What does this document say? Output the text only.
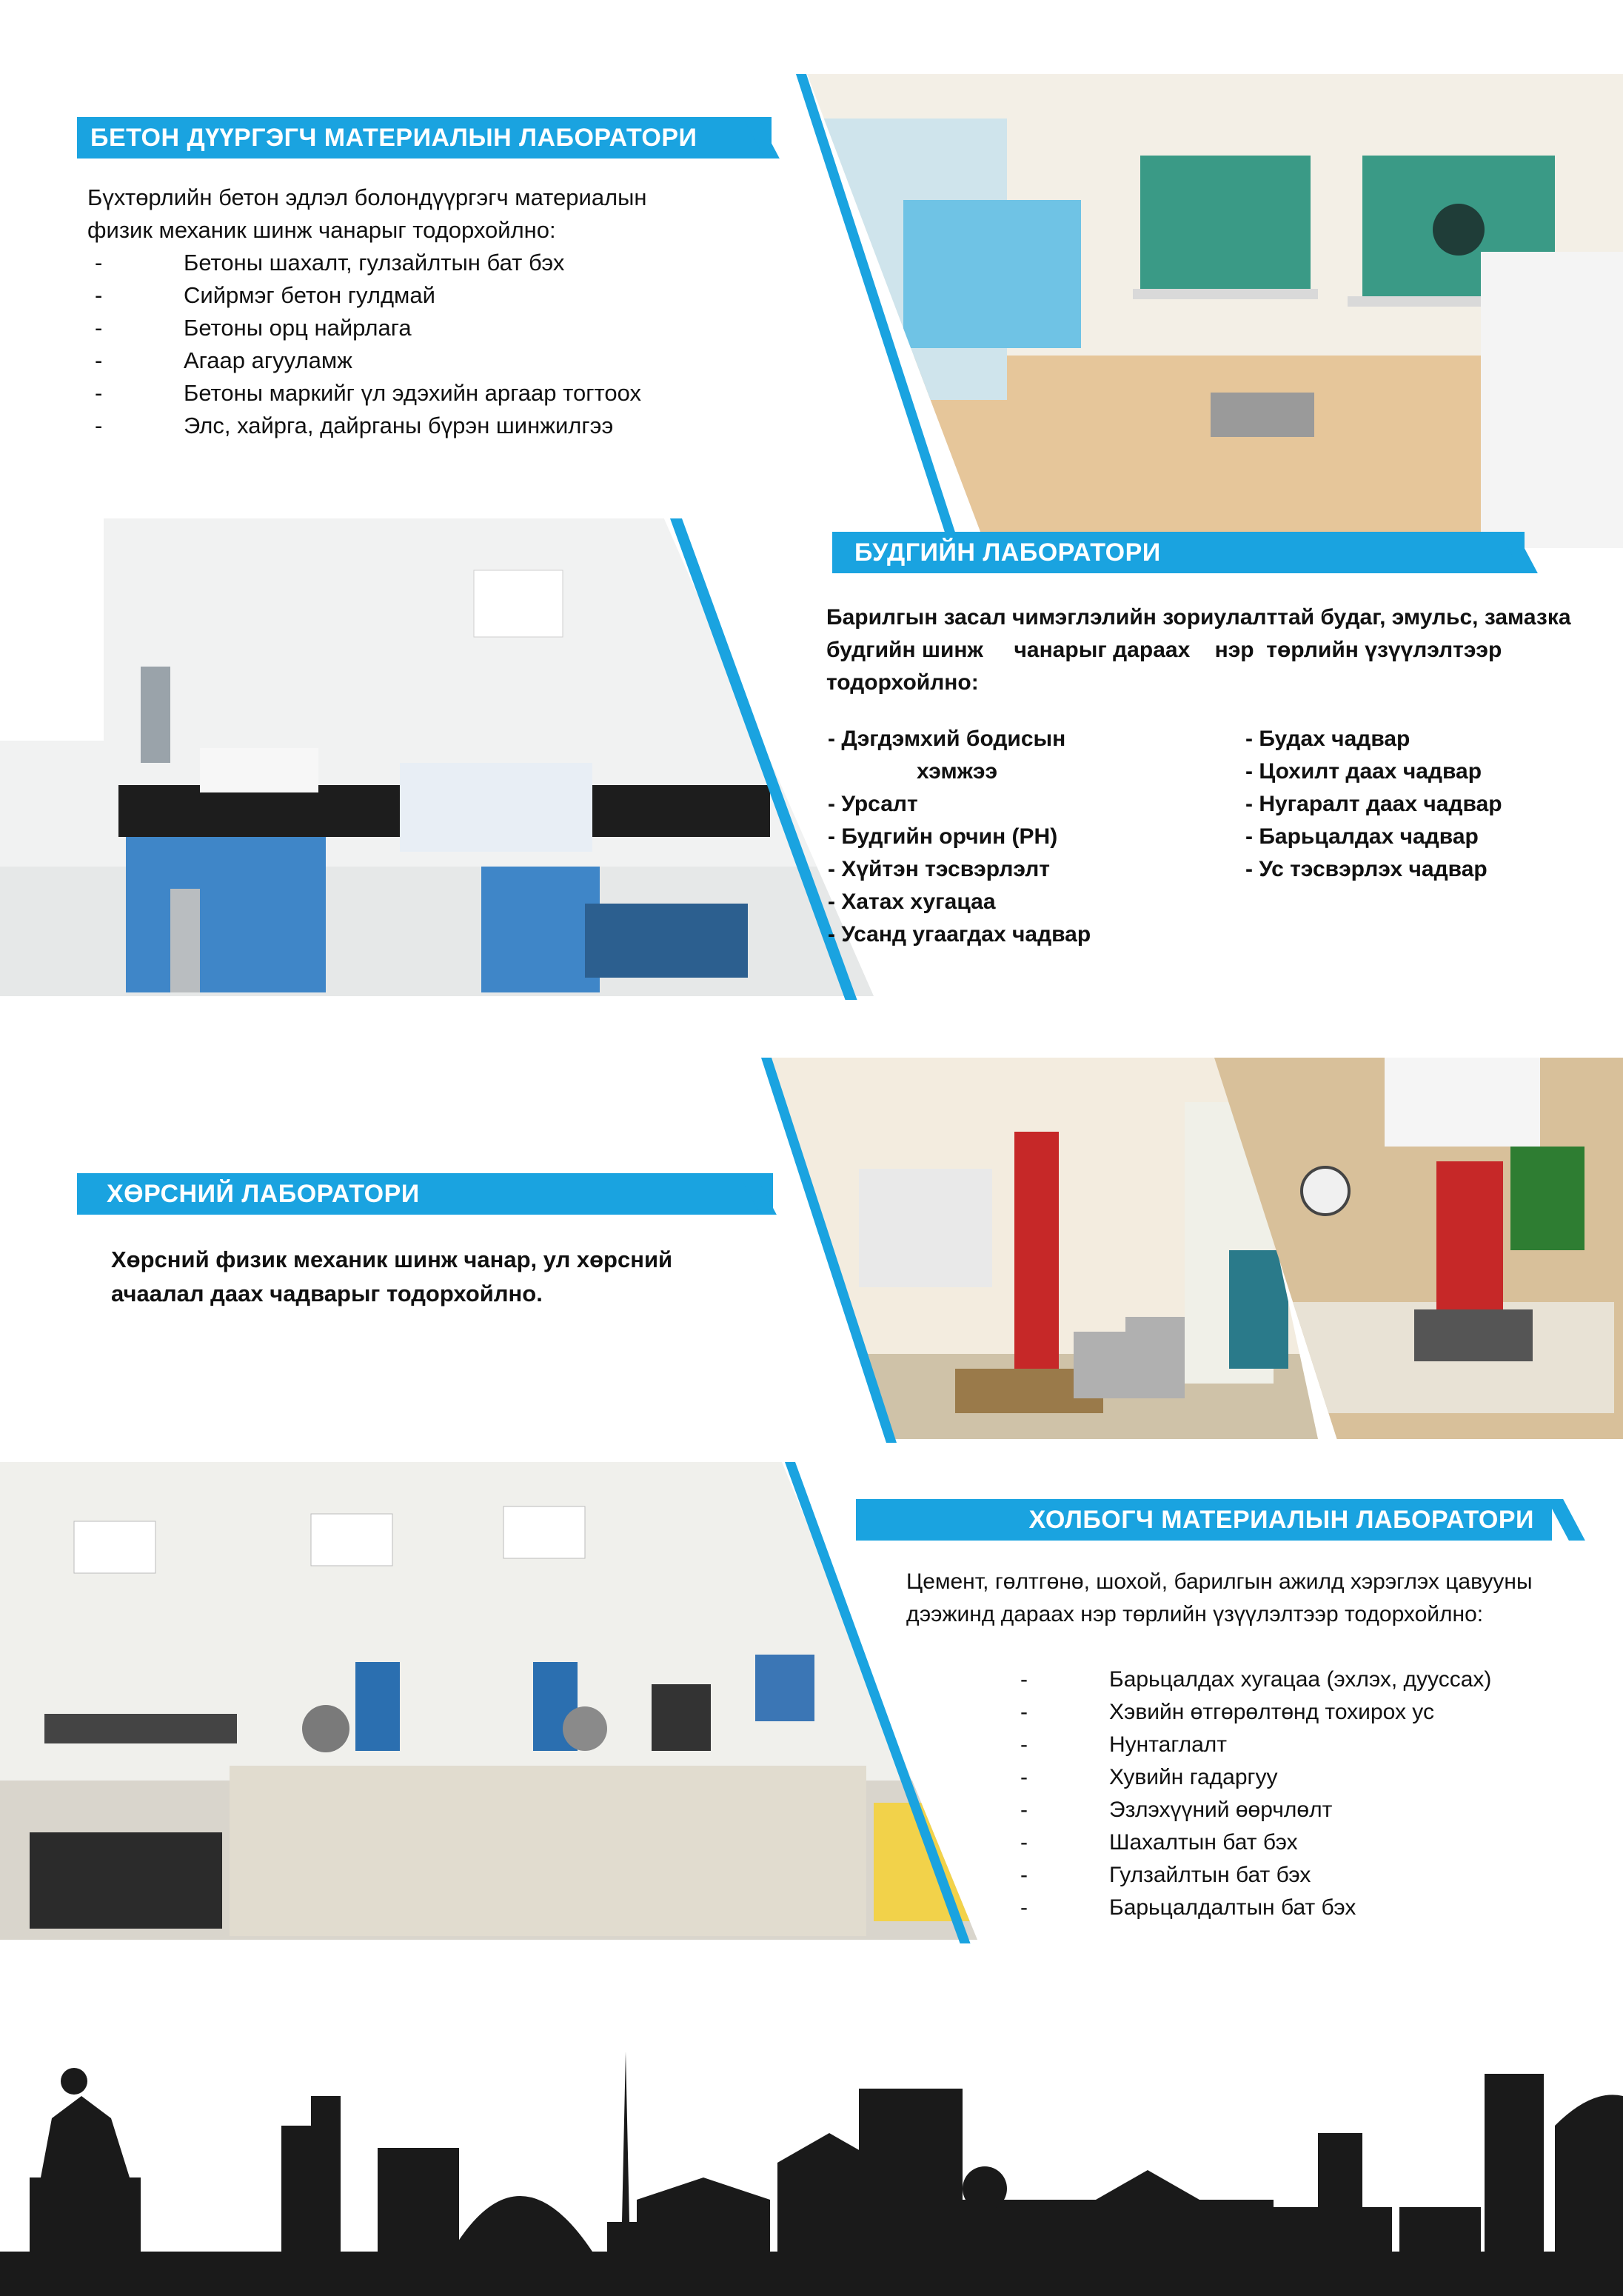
БЕТОН ДҮҮРГЭГЧ МАТЕРИАЛЫН ЛАБОРАТОРИ
Бүхтөрлийн бетон эдлэл болондүүргэгч материалын
физик механик шинж чанарыг тодорхойлно:
- Бетоны шахалт, гулзайлтын бат бэх
- Сийрмэг бетон гулдмай
- Бетоны орц найрлага
- Агаар агууламж
- Бетоны маркийг үл эдэхийн аргаар тогтоох
- Элс, хайрга, дайрганы бүрэн шинжилгээ
БУДГИЙН ЛАБОРАТОРИ
Барилгын засал чимэглэлийн зориулалттай будаг, эмульс, замазка
будгийн шинж     чанарыг дараах    нэр  төрлийн үзүүлэлтээр
тодорхойлно:
- Дэгдэмхий бодисын
хэмжээ
- Урсалт
- Будгийн орчин (PH)
- Хүйтэн тэсвэрлэлт
- Хатах хугацаа
- Усанд угаагдах чадвар
- Будах чадвар
- Цохилт даах чадвар
- Нугаралт даах чадвар
- Барьцалдах чадвар
- Ус тэсвэрлэх чадвар
ХӨРСНИЙ ЛАБОРАТОРИ
Хөрсний физик механик шинж чанар, ул хөрсний
ачаалал даах чадварыг тодорхойлно.
ХОЛБОГЧ МАТЕРИАЛЫН ЛАБОРАТОРИ
Цемент, гөлтгөнө, шохой, барилгын ажилд хэрэглэх цавууны
дээжинд дараах нэр төрлийн үзүүлэлтээр тодорхойлно:
- Барьцалдах хугацаа (эхлэх, дуусcах)
- Хэвийн өтгөрөлтөнд тохирох ус
- Нунтаглалт
- Хувийн гадаргуу
- Эзлэхүүний өөрчлөлт
- Шахалтын бат бэх
- Гулзайлтын бат бэх
- Барьцалдалтын бат бэх
